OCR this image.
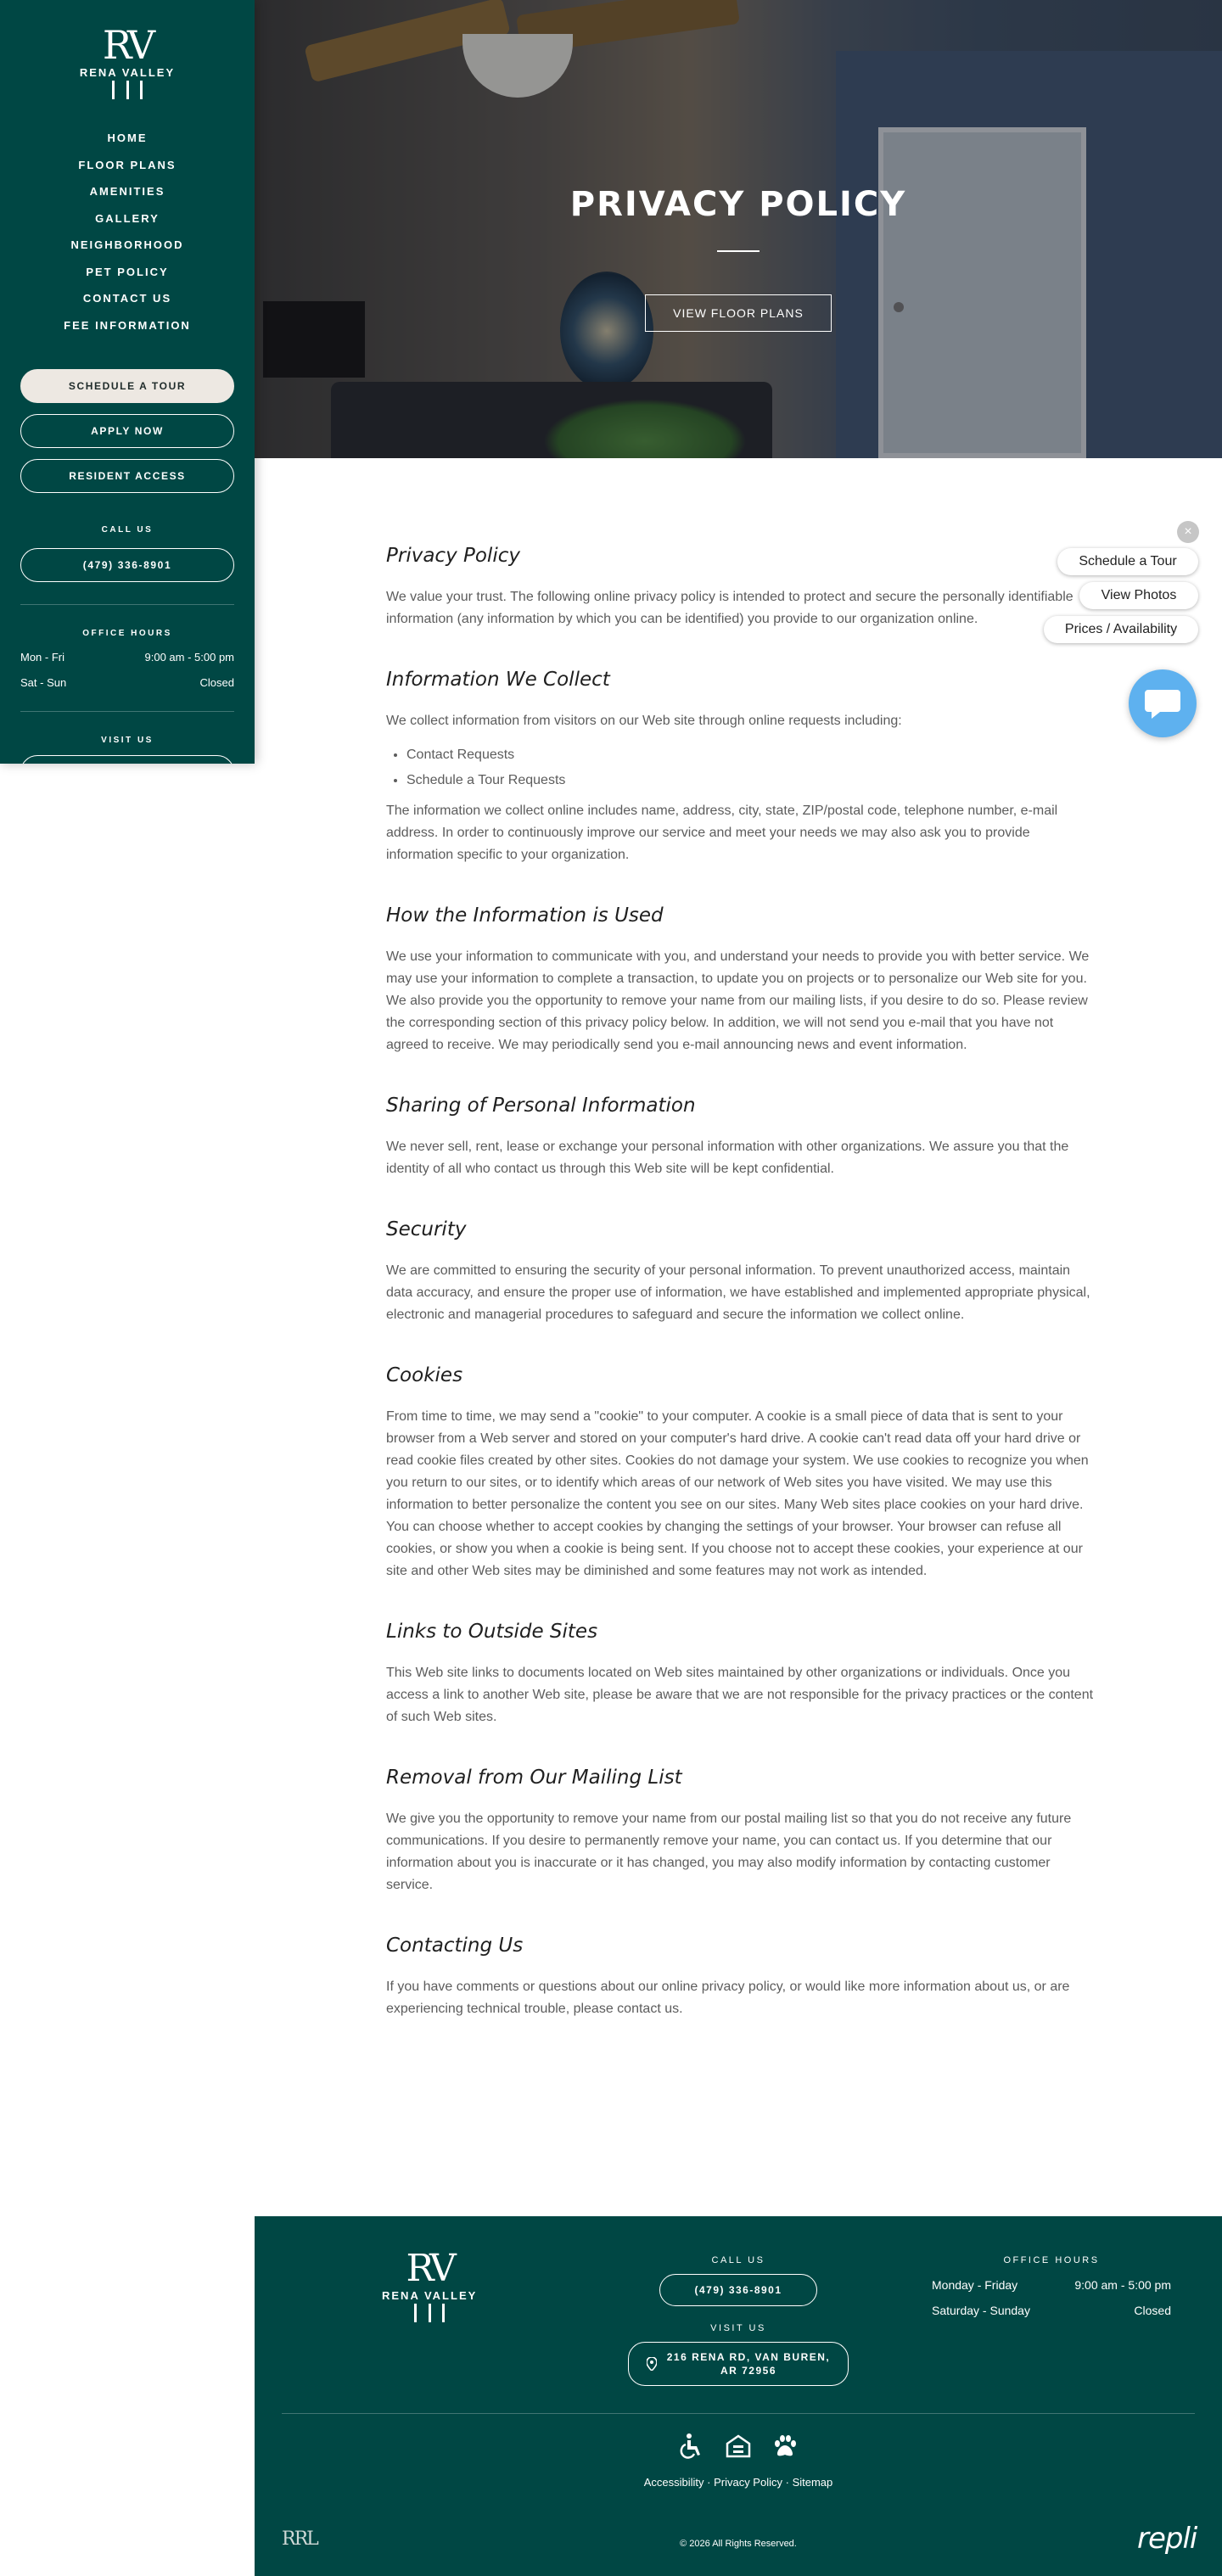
RV
RENA VALLEY
HOME
FLOOR PLANS
AMENITIES
GALLERY
NEIGHBORHOOD
PET POLICY
CONTACT US
FEE INFORMATION
SCHEDULE A TOUR
APPLY NOW
RESIDENT ACCESS
CALL US
(479) 336-8901
OFFICE HOURS
Mon - Fri	9:00 am - 5:00 pm
Sat - Sun	Closed
VISIT US
PRIVACY POLICY
VIEW FLOOR PLANS
×
Schedule a Tour
View Photos
Prices / Availability
Privacy Policy

We value your trust. The following online privacy policy is intended to protect and secure the personally identifiable information (any information by which you can be identified) you provide to our organization online.

Information We Collect

We collect information from visitors on our Web site through online requests including:

• Contact Requests
• Schedule a Tour Requests

The information we collect online includes name, address, city, state, ZIP/postal code, telephone number, e-mail address. In order to continuously improve our service and meet your needs we may also ask you to provide information specific to your organization.

How the Information is Used

We use your information to communicate with you, and understand your needs to provide you with better service. We may use your information to complete a transaction, to update you on projects or to personalize our Web site for you. We also provide you the opportunity to remove your name from our mailing lists, if you desire to do so. Please review the corresponding section of this privacy policy below. In addition, we will not send you e-mail that you have not agreed to receive. We may periodically send you e-mail announcing news and event information.

Sharing of Personal Information

We never sell, rent, lease or exchange your personal information with other organizations. We assure you that the identity of all who contact us through this Web site will be kept confidential.

Security

We are committed to ensuring the security of your personal information. To prevent unauthorized access, maintain data accuracy, and ensure the proper use of information, we have established and implemented appropriate physical, electronic and managerial procedures to safeguard and secure the information we collect online.

Cookies

From time to time, we may send a "cookie" to your computer. A cookie is a small piece of data that is sent to your browser from a Web server and stored on your computer's hard drive. A cookie can't read data off your hard drive or read cookie files created by other sites. Cookies do not damage your system. We use cookies to recognize you when you return to our sites, or to identify which areas of our network of Web sites you have visited. We may use this information to better personalize the content you see on our sites. Many Web sites place cookies on your hard drive. You can choose whether to accept cookies by changing the settings of your browser. Your browser can refuse all cookies, or show you when a cookie is being sent. If you choose not to accept these cookies, your experience at our site and other Web sites may be diminished and some features may not work as intended.

Links to Outside Sites

This Web site links to documents located on Web sites maintained by other organizations or individuals. Once you access a link to another Web site, please be aware that we are not responsible for the privacy practices or the content of such Web sites.

Removal from Our Mailing List

We give you the opportunity to remove your name from our postal mailing list so that you do not receive any future communications. If you desire to permanently remove your name, you can contact us. If you determine that our information about you is inaccurate or it has changed, you may also modify information by contacting customer service.

Contacting Us

If you have comments or questions about our online privacy policy, or would like more information about us, or are experiencing technical trouble, please contact us.

RV
RENA VALLEY
CALL US
(479) 336-8901
VISIT US
216 RENA RD, VAN BUREN,
AR 72956
OFFICE HOURS
Monday - Friday	9:00 am - 5:00 pm
Saturday - Sunday	Closed
Accessibility · Privacy Policy · Sitemap
RRL	© 2026 All Rights Reserved.	repli
